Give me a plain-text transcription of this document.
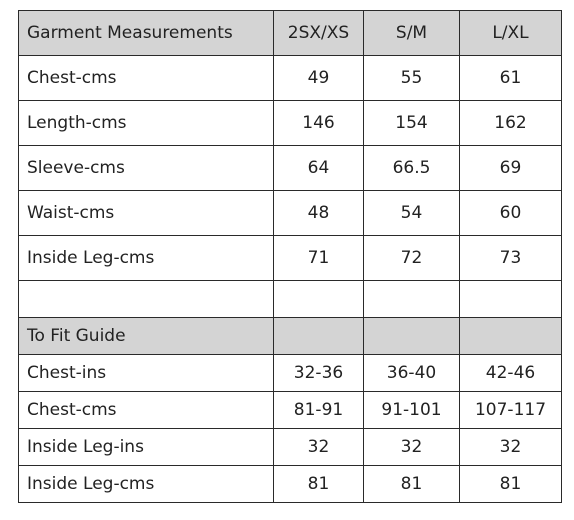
Garment Measurements	2SX/XS	S/M	L/XL
Chest-cms	49	55	61
Length-cms	146	154	162
Sleeve-cms	64	66.5	69
Waist-cms	48	54	60
Inside Leg-cms	71	72	73

To Fit Guide			
Chest-ins	32-36	36-40	42-46
Chest-cms	81-91	91-101	107-117
Inside Leg-ins	32	32	32
Inside Leg-cms	81	81	81
